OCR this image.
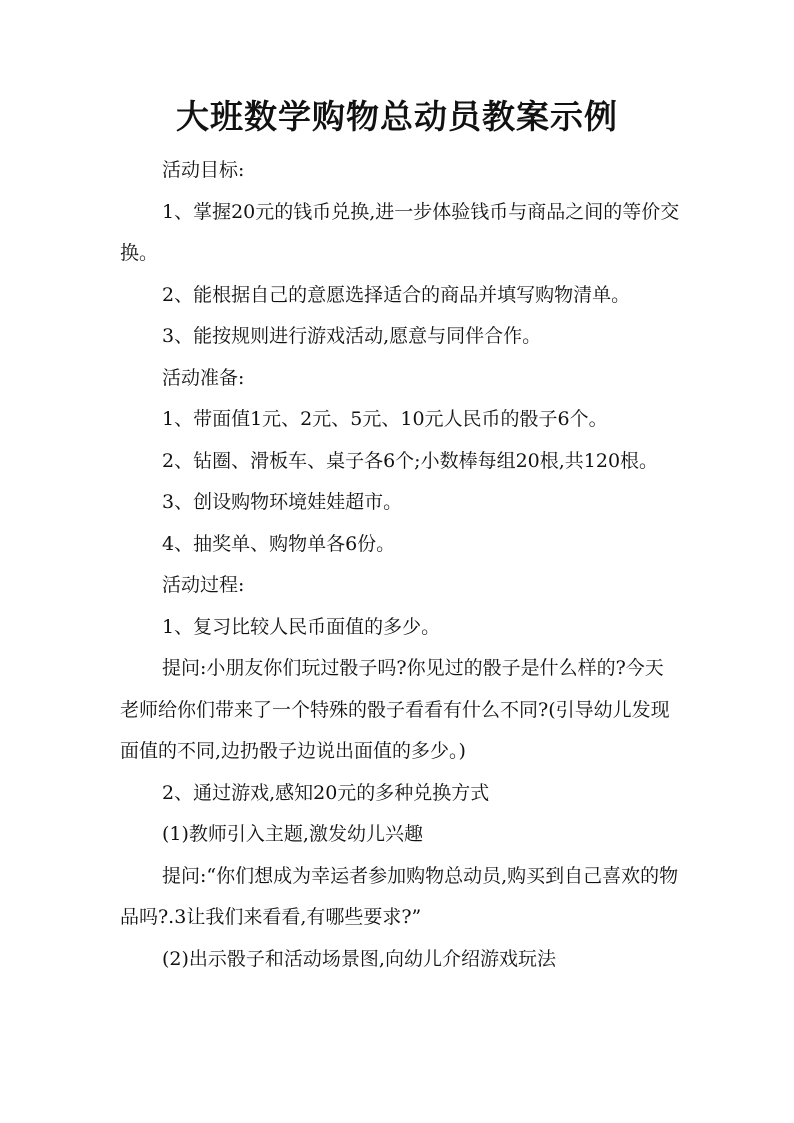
大班数学购物总动员教案示例

活动目标:

1、掌握20元的钱币兑换,进一步体验钱币与商品之间的等价交换。

2、能根据自己的意愿选择适合的商品并填写购物清单。

3、能按规则进行游戏活动,愿意与同伴合作。

活动准备:

1、带面值1元、2元、5元、10元人民币的骰子6个。

2、钻圈、滑板车、桌子各6个;小数棒每组20根,共120根。

3、创设购物环境娃娃超市。

4、抽奖单、购物单各6份。

活动过程:

1、复习比较人民币面值的多少。

提问:小朋友你们玩过骰子吗?你见过的骰子是什么样的?今天老师给你们带来了一个特殊的骰子看看有什么不同?(引导幼儿发现面值的不同,边扔骰子边说出面值的多少。)

2、通过游戏,感知20元的多种兑换方式

(1)教师引入主题,激发幼儿兴趣

提问:“你们想成为幸运者参加购物总动员,购买到自己喜欢的物品吗?.3让我们来看看,有哪些要求?”

(2)出示骰子和活动场景图,向幼儿介绍游戏玩法
